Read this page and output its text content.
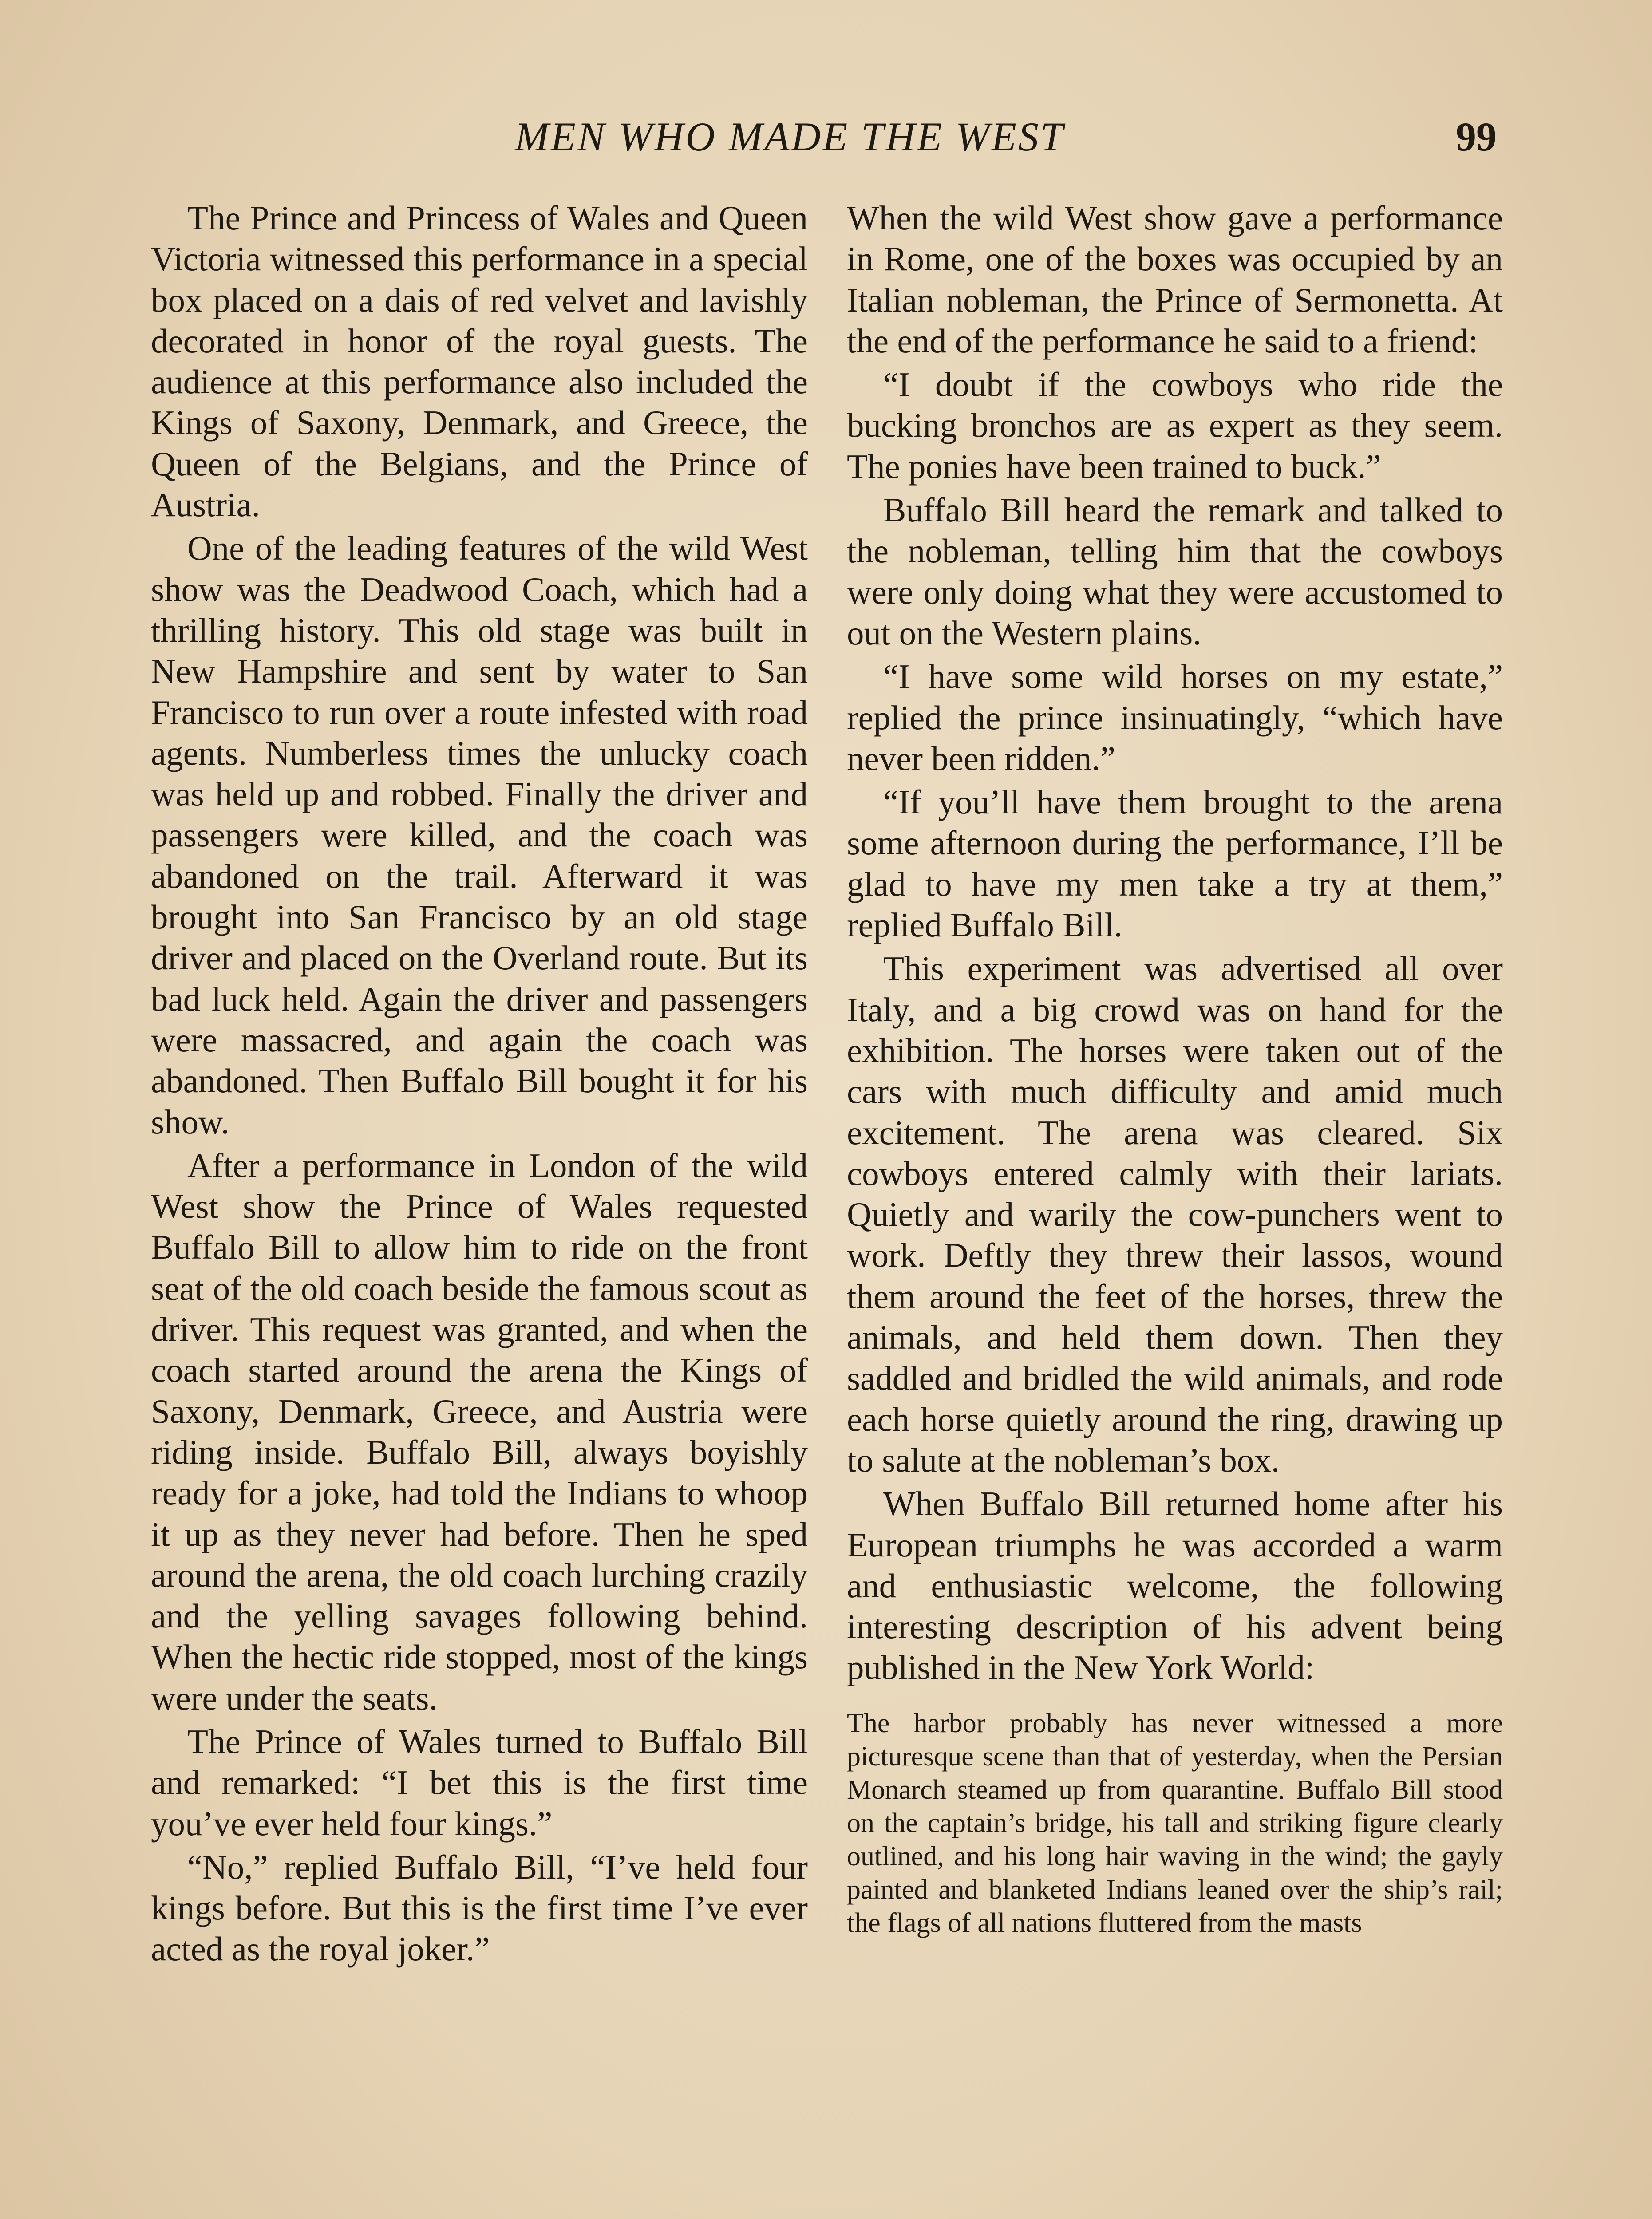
MEN WHO MADE THE WEST	99

The Prince and Princess of Wales and Queen Victoria witnessed this performance in a special box placed on a dais of red velvet and lavishly decorated in honor of the royal guests. The audience at this performance also included the Kings of Saxony, Denmark, and Greece, the Queen of the Belgians, and the Prince of Austria.

One of the leading features of the wild West show was the Deadwood Coach, which had a thrilling history. This old stage was built in New Hampshire and sent by water to San Francisco to run over a route infested with road agents. Numberless times the unlucky coach was held up and robbed. Finally the driver and passengers were killed, and the coach was abandoned on the trail. Afterward it was brought into San Francisco by an old stage driver and placed on the Overland route. But its bad luck held. Again the driver and passengers were massacred, and again the coach was abandoned. Then Buffalo Bill bought it for his show.

After a performance in London of the wild West show the Prince of Wales requested Buffalo Bill to allow him to ride on the front seat of the old coach beside the famous scout as driver. This request was granted, and when the coach started around the arena the Kings of Saxony, Denmark, Greece, and Austria were riding inside. Buffalo Bill, always boyishly ready for a joke, had told the Indians to whoop it up as they never had before. Then he sped around the arena, the old coach lurching crazily and the yelling savages following behind. When the hectic ride stopped, most of the kings were under the seats.

The Prince of Wales turned to Buffalo Bill and remarked: “I bet this is the first time you’ve ever held four kings.”

“No,” replied Buffalo Bill, “I’ve held four kings before. But this is the first time I’ve ever acted as the royal joker.”

When the wild West show gave a performance in Rome, one of the boxes was occupied by an Italian nobleman, the Prince of Sermonetta. At the end of the performance he said to a friend:

“I doubt if the cowboys who ride the bucking bronchos are as expert as they seem. The ponies have been trained to buck.”

Buffalo Bill heard the remark and talked to the nobleman, telling him that the cowboys were only doing what they were accustomed to out on the Western plains.

“I have some wild horses on my estate,” replied the prince insinuatingly, “which have never been ridden.”

“If you’ll have them brought to the arena some afternoon during the performance, I’ll be glad to have my men take a try at them,” replied Buffalo Bill.

This experiment was advertised all over Italy, and a big crowd was on hand for the exhibition. The horses were taken out of the cars with much difficulty and amid much excitement. The arena was cleared. Six cowboys entered calmly with their lariats. Quietly and warily the cow-punchers went to work. Deftly they threw their lassos, wound them around the feet of the horses, threw the animals, and held them down. Then they saddled and bridled the wild animals, and rode each horse quietly around the ring, drawing up to salute at the nobleman’s box.

When Buffalo Bill returned home after his European triumphs he was accorded a warm and enthusiastic welcome, the following interesting description of his advent being published in the New York World:

The harbor probably has never witnessed a more picturesque scene than that of yesterday, when the Persian Monarch steamed up from quarantine. Buffalo Bill stood on the captain’s bridge, his tall and striking figure clearly outlined, and his long hair waving in the wind; the gayly painted and blanketed Indians leaned over the ship’s rail; the flags of all nations fluttered from the masts
